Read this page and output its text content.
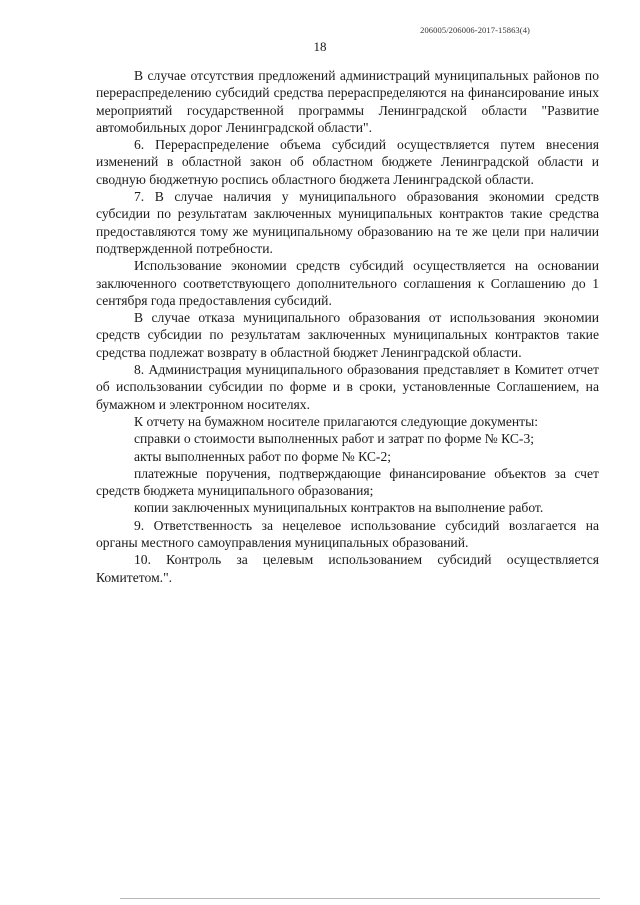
206005/206006-2017-15863(4)
18

В случае отсутствия предложений администраций муниципальных районов по перераспределению субсидий средства перераспределяются на финансирование иных мероприятий государственной программы Ленинградской области "Развитие автомобильных дорог Ленинградской области".

6. Перераспределение объема субсидий осуществляется путем внесения изменений в областной закон об областном бюджете Ленинградской области и сводную бюджетную роспись областного бюджета Ленинградской области.

7. В случае наличия у муниципального образования экономии средств субсидии по результатам заключенных муниципальных контрактов такие средства предоставляются тому же муниципальному образованию на те же цели при наличии подтвержденной потребности.

Использование экономии средств субсидий осуществляется на основании заключенного соответствующего дополнительного соглашения к Соглашению до 1 сентября года предоставления субсидий.

В случае отказа муниципального образования от использования экономии средств субсидии по результатам заключенных муниципальных контрактов такие средства подлежат возврату в областной бюджет Ленинградской области.

8. Администрация муниципального образования представляет в Комитет отчет об использовании субсидии по форме и в сроки, установленные Соглашением, на бумажном и электронном носителях.

К отчету на бумажном носителе прилагаются следующие документы:

справки о стоимости выполненных работ и затрат по форме № КС-3;

акты выполненных работ по форме № КС-2;

платежные поручения, подтверждающие финансирование объектов за счет средств бюджета муниципального образования;

копии заключенных муниципальных контрактов на выполнение работ.

9. Ответственность за нецелевое использование субсидий возлагается на органы местного самоуправления муниципальных образований.

10. Контроль за целевым использованием субсидий осуществляется Комитетом.".
